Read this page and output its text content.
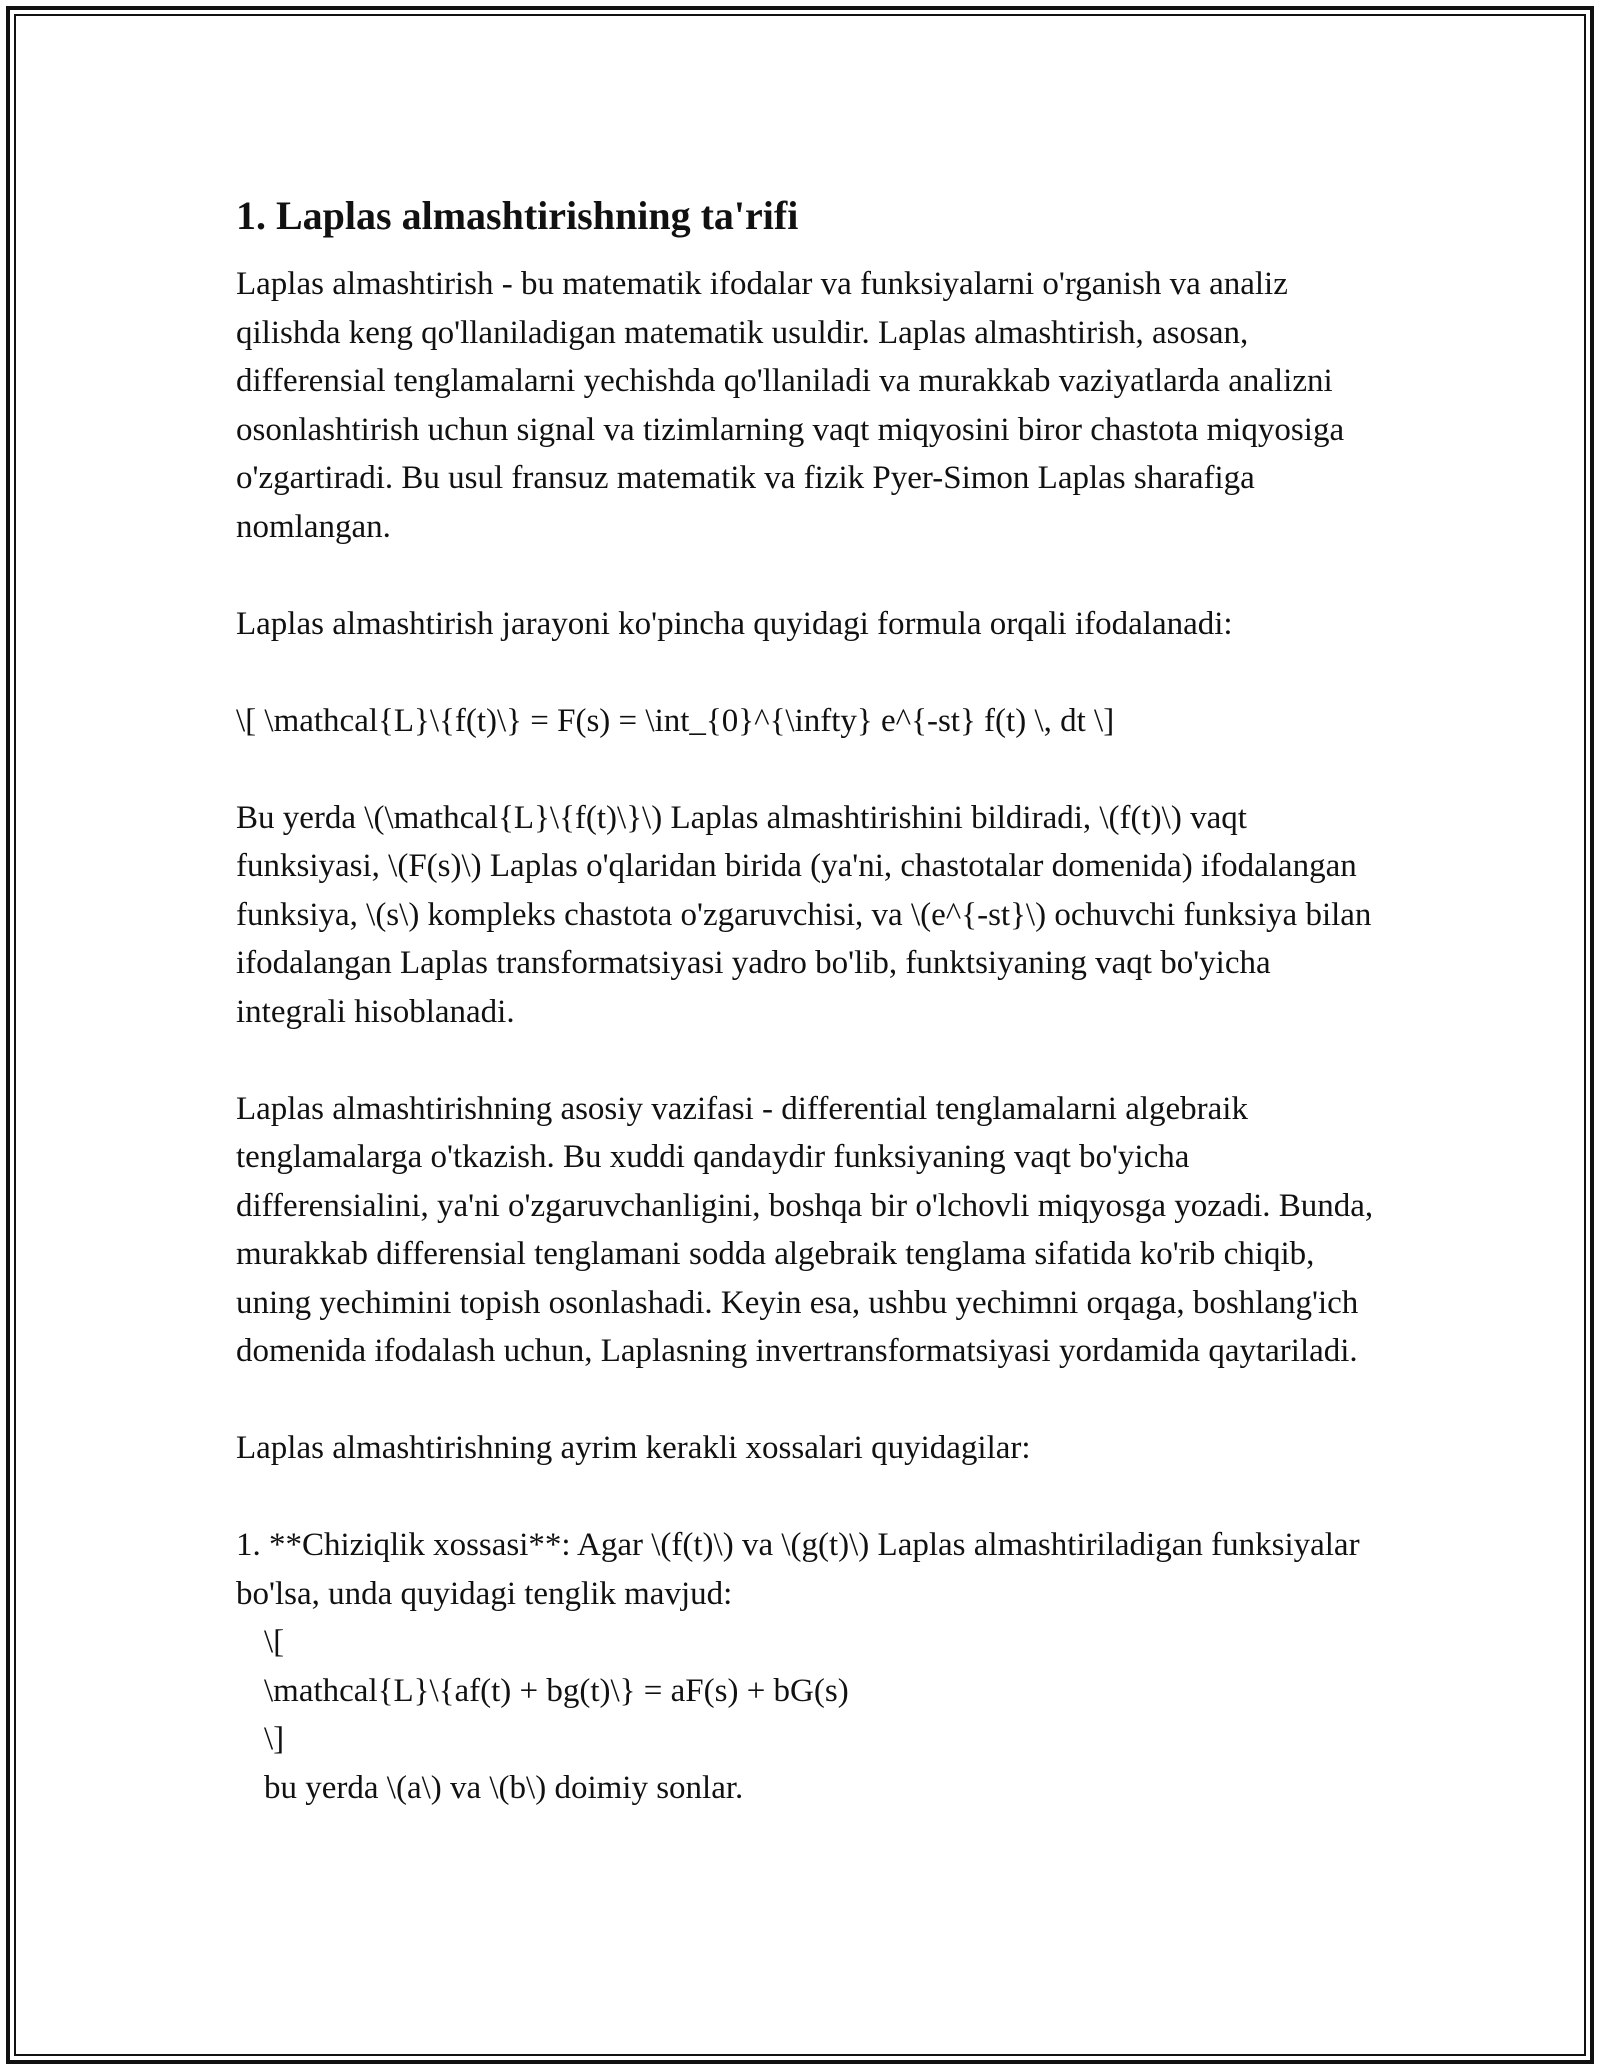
1. Laplas almashtirishning ta'rifi

Laplas almashtirish - bu matematik ifodalar va funksiyalarni o'rganish va analiz qilishda keng qo'llaniladigan matematik usuldir. Laplas almashtirish, asosan, differensial tenglamalarni yechishda qo'llaniladi va murakkab vaziyatlarda analizni osonlashtirish uchun signal va tizimlarning vaqt miqyosini biror chastota miqyosiga o'zgartiradi. Bu usul fransuz matematik va fizik Pyer-Simon Laplas sharafiga nomlangan.

Laplas almashtirish jarayoni ko'pincha quyidagi formula orqali ifodalanadi:

\[ \mathcal{L}\{f(t)\} = F(s) = \int_{0}^{\infty} e^{-st} f(t) \, dt \]

Bu yerda \(\mathcal{L}\{f(t)\}\) Laplas almashtirishini bildiradi, \(f(t)\) vaqt funksiyasi, \(F(s)\) Laplas o'qlaridan birida (ya'ni, chastotalar domenida) ifodalangan funksiya, \(s\) kompleks chastota o'zgaruvchisi, va \(e^{-st}\) ochuvchi funksiya bilan ifodalangan Laplas transformatsiyasi yadro bo'lib, funktsiyaning vaqt bo'yicha integrali hisoblanadi.

Laplas almashtirishning asosiy vazifasi - differential tenglamalarni algebraik tenglamalarga o'tkazish. Bu xuddi qandaydir funksiyaning vaqt bo'yicha differensialini, ya'ni o'zgaruvchanligini, boshqa bir o'lchovli miqyosga yozadi. Bunda, murakkab differensial tenglamani sodda algebraik tenglama sifatida ko'rib chiqib, uning yechimini topish osonlashadi. Keyin esa, ushbu yechimni orqaga, boshlang'ich domenida ifodalash uchun, Laplasning invertransformatsiyasi yordamida qaytariladi.

Laplas almashtirishning ayrim kerakli xossalari quyidagilar:

1. **Chiziqlik xossasi**: Agar \(f(t)\) va \(g(t)\) Laplas almashtiriladigan funksiyalar bo'lsa, unda quyidagi tenglik mavjud:
\[
\mathcal{L}\{af(t) + bg(t)\} = aF(s) + bG(s)
\]
bu yerda \(a\) va \(b\) doimiy sonlar.
